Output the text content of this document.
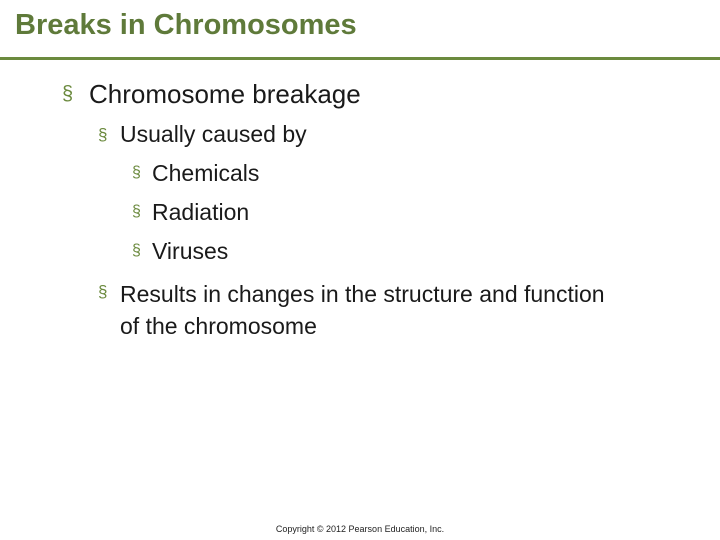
Breaks in Chromosomes
§ Chromosome breakage
§ Usually caused by
§ Chemicals
§ Radiation
§ Viruses
§ Results in changes in the structure and function of the chromosome
Copyright © 2012 Pearson Education, Inc.
